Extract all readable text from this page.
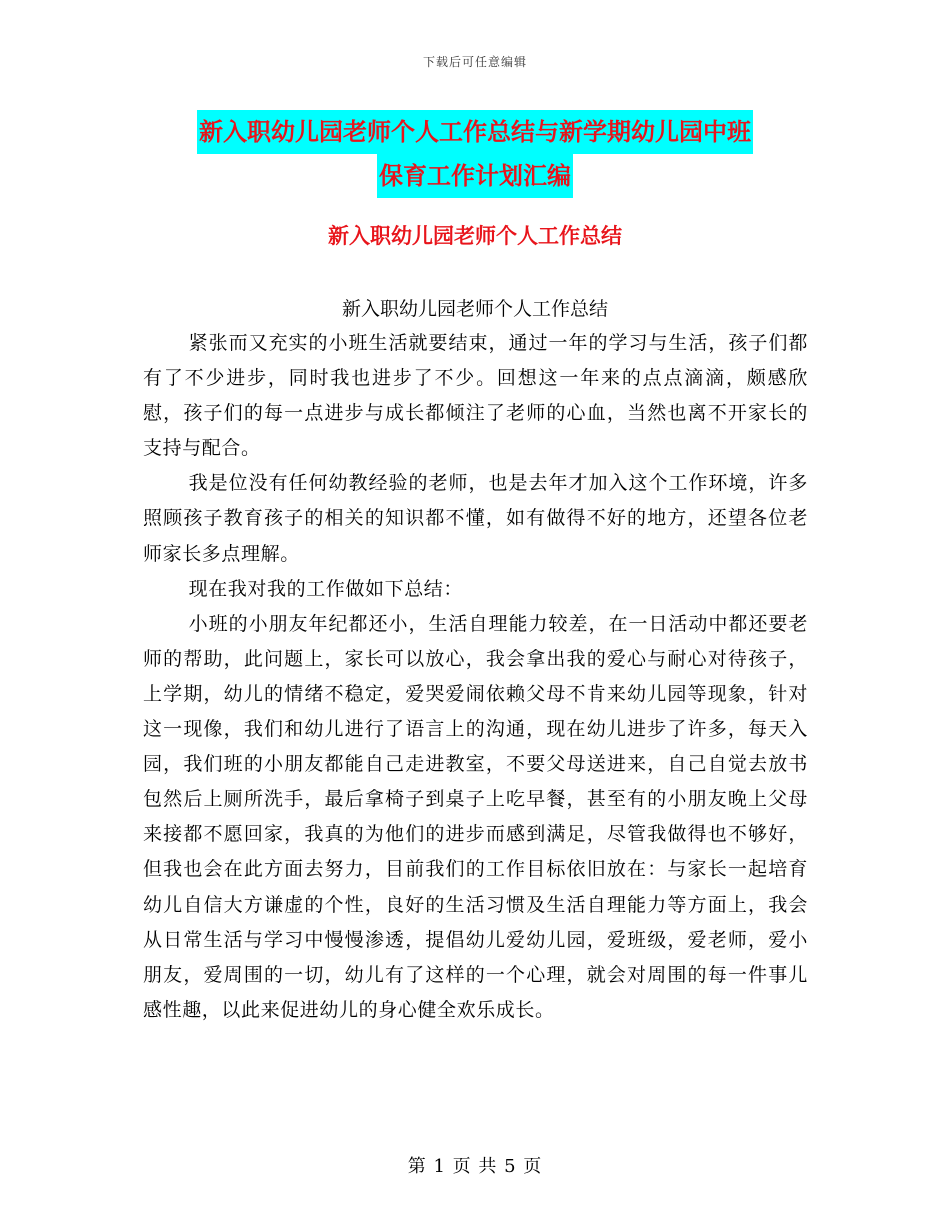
下载后可任意编辑
新入职幼儿园老师个人工作总结与新学期幼儿园中班
保育工作计划汇编
新入职幼儿园老师个人工作总结
新入职幼儿园老师个人工作总结

紧张而又充实的小班生活就要结束，通过一年的学习与生活，孩子们都有了不少进步，同时我也进步了不少。回想这一年来的点点滴滴，颇感欣慰，孩子们的每一点进步与成长都倾注了老师的心血，当然也离不开家长的支持与配合。

我是位没有任何幼教经验的老师，也是去年才加入这个工作环境，许多照顾孩子教育孩子的相关的知识都不懂，如有做得不好的地方，还望各位老师家长多点理解。

现在我对我的工作做如下总结：

小班的小朋友年纪都还小，生活自理能力较差，在一日活动中都还要老师的帮助，此问题上，家长可以放心，我会拿出我的爱心与耐心对待孩子，上学期，幼儿的情绪不稳定，爱哭爱闹依赖父母不肯来幼儿园等现象，针对这一现像，我们和幼儿进行了语言上的沟通，现在幼儿进步了许多，每天入园，我们班的小朋友都能自己走进教室，不要父母送进来，自己自觉去放书包然后上厕所洗手，最后拿椅子到桌子上吃早餐，甚至有的小朋友晚上父母来接都不愿回家，我真的为他们的进步而感到满足，尽管我做得也不够好，但我也会在此方面去努力，目前我们的工作目标依旧放在：与家长一起培育幼儿自信大方谦虚的个性，良好的生活习惯及生活自理能力等方面上，我会从日常生活与学习中慢慢渗透，提倡幼儿爱幼儿园，爱班级，爱老师，爱小朋友，爱周围的一切，幼儿有了这样的一个心理，就会对周围的每一件事儿感性趣，以此来促进幼儿的身心健全欢乐成长。

第 1 页 共 5 页
